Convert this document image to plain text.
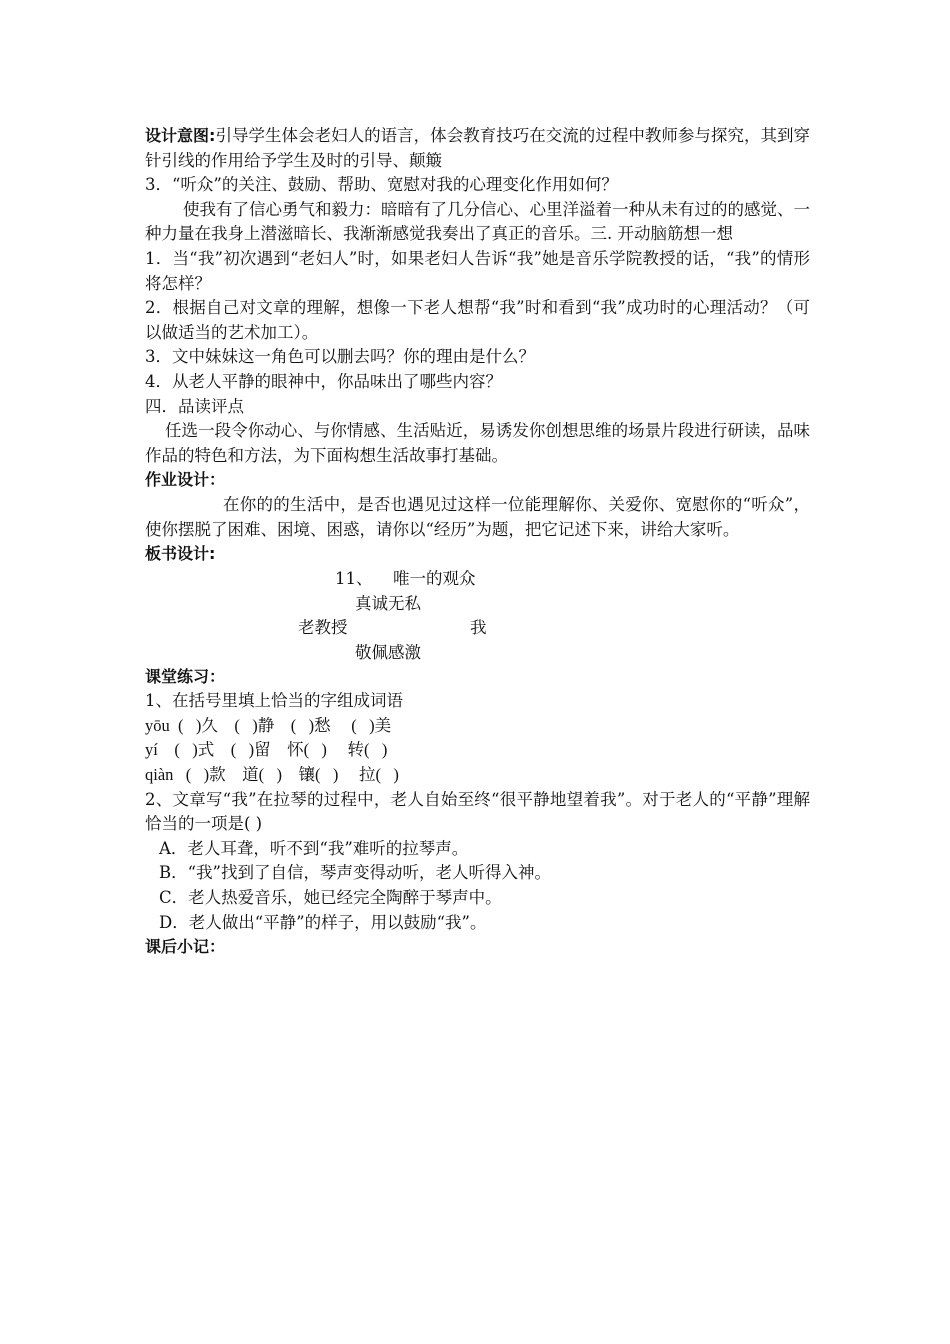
设计意图:引导学生体会老妇人的语言，体会教育技巧在交流的过程中教师参与探究，其到穿针引线的作用给予学生及时的引导、颠簸

3．“听众”的关注、鼓励、帮助、宽慰对我的心理变化作用如何？

使我有了信心勇气和毅力：暗暗有了几分信心、心里洋溢着一种从未有过的的感觉、一种力量在我身上潜滋暗长、我渐渐感觉我奏出了真正的音乐。三. 开动脑筋想一想

1．当“我”初次遇到“老妇人”时，如果老妇人告诉“我”她是音乐学院教授的话，“我”的情形将怎样？

2．根据自己对文章的理解，想像一下老人想帮“我”时和看到“我”成功时的心理活动？（可以做适当的艺术加工）。

3．文中妹妹这一角色可以删去吗？你的理由是什么？

4．从老人平静的眼神中，你品味出了哪些内容？

四．品读评点

任选一段令你动心、与你情感、生活贴近，易诱发你创想思维的场景片段进行研读，品味作品的特色和方法，为下面构想生活故事打基础。

作业设计：

在你的的生活中，是否也遇见过这样一位能理解你、关爱你、宽慰你的“听众”，使你摆脱了困难、困境、困惑，请你以“经历”为题，把它记述下来，讲给大家听。

板书设计:

11、 唯一的观众
真诚无私
老教授	我
敬佩感激

课堂练习：

1、在括号里填上恰当的字组成词语

yōu  (   )久    (   )静    (   )愁     (   )美

yí    (   )式    (   )留    怀(   )     转(   )

qiàn   (   )款    道(   )    镶(   )     拉(   )

2、文章写“我”在拉琴的过程中，老人自始至终“很平静地望着我”。对于老人的“平静”理解恰当的一项是( )

A．老人耳聋，听不到“我”难听的拉琴声。

B．“我”找到了自信，琴声变得动听，老人听得入神。

C．老人热爱音乐，她已经完全陶醉于琴声中。

D．老人做出“平静”的样子，用以鼓励“我”。

课后小记：
